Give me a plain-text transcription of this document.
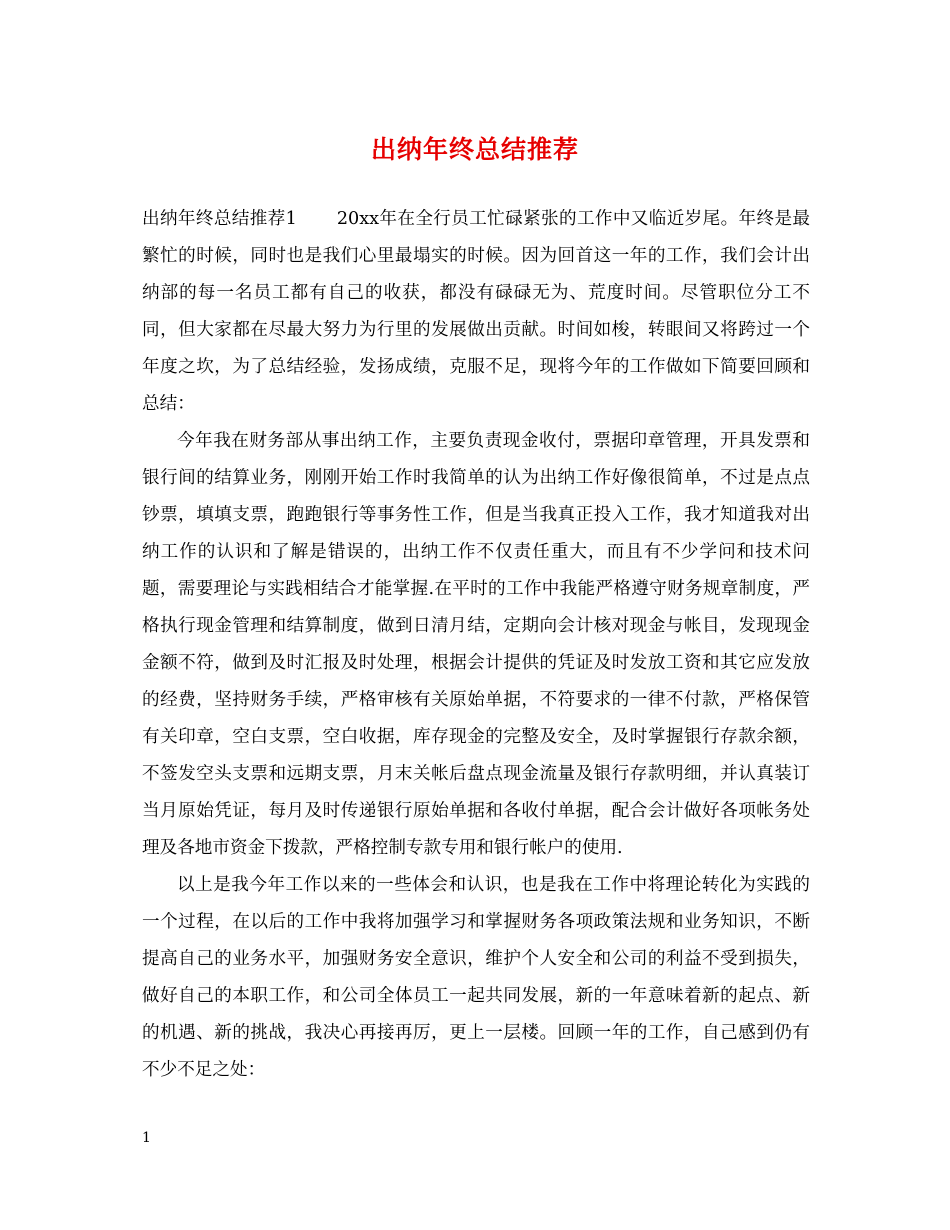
出纳年终总结推荐

出纳年终总结推荐1 20xx年在全行员工忙碌紧张的工作中又临近岁尾。年终是最繁忙的时候，同时也是我们心里最塌实的时候。因为回首这一年的工作，我们会计出纳部的每一名员工都有自己的收获，都没有碌碌无为、荒度时间。尽管职位分工不同，但大家都在尽最大努力为行里的发展做出贡献。时间如梭，转眼间又将跨过一个年度之坎，为了总结经验，发扬成绩，克服不足，现将今年的工作做如下简要回顾和总结：

今年我在财务部从事出纳工作，主要负责现金收付，票据印章管理，开具发票和银行间的结算业务，刚刚开始工作时我简单的认为出纳工作好像很简单，不过是点点钞票，填填支票，跑跑银行等事务性工作，但是当我真正投入工作，我才知道我对出纳工作的认识和了解是错误的，出纳工作不仅责任重大，而且有不少学问和技术问题，需要理论与实践相结合才能掌握.在平时的工作中我能严格遵守财务规章制度，严格执行现金管理和结算制度，做到日清月结，定期向会计核对现金与帐目，发现现金金额不符，做到及时汇报及时处理，根据会计提供的凭证及时发放工资和其它应发放的经费，坚持财务手续，严格审核有关原始单据，不符要求的一律不付款，严格保管有关印章，空白支票，空白收据，库存现金的完整及安全，及时掌握银行存款余额，不签发空头支票和远期支票，月末关帐后盘点现金流量及银行存款明细，并认真装订当月原始凭证，每月及时传递银行原始单据和各收付单据，配合会计做好各项帐务处理及各地市资金下拨款，严格控制专款专用和银行帐户的使用.

以上是我今年工作以来的一些体会和认识，也是我在工作中将理论转化为实践的一个过程，在以后的工作中我将加强学习和掌握财务各项政策法规和业务知识，不断提高自己的业务水平，加强财务安全意识，维护个人安全和公司的利益不受到损失，做好自己的本职工作，和公司全体员工一起共同发展，新的一年意味着新的起点、新的机遇、新的挑战，我决心再接再厉，更上一层楼。回顾一年的工作，自己感到仍有不少不足之处：

1
